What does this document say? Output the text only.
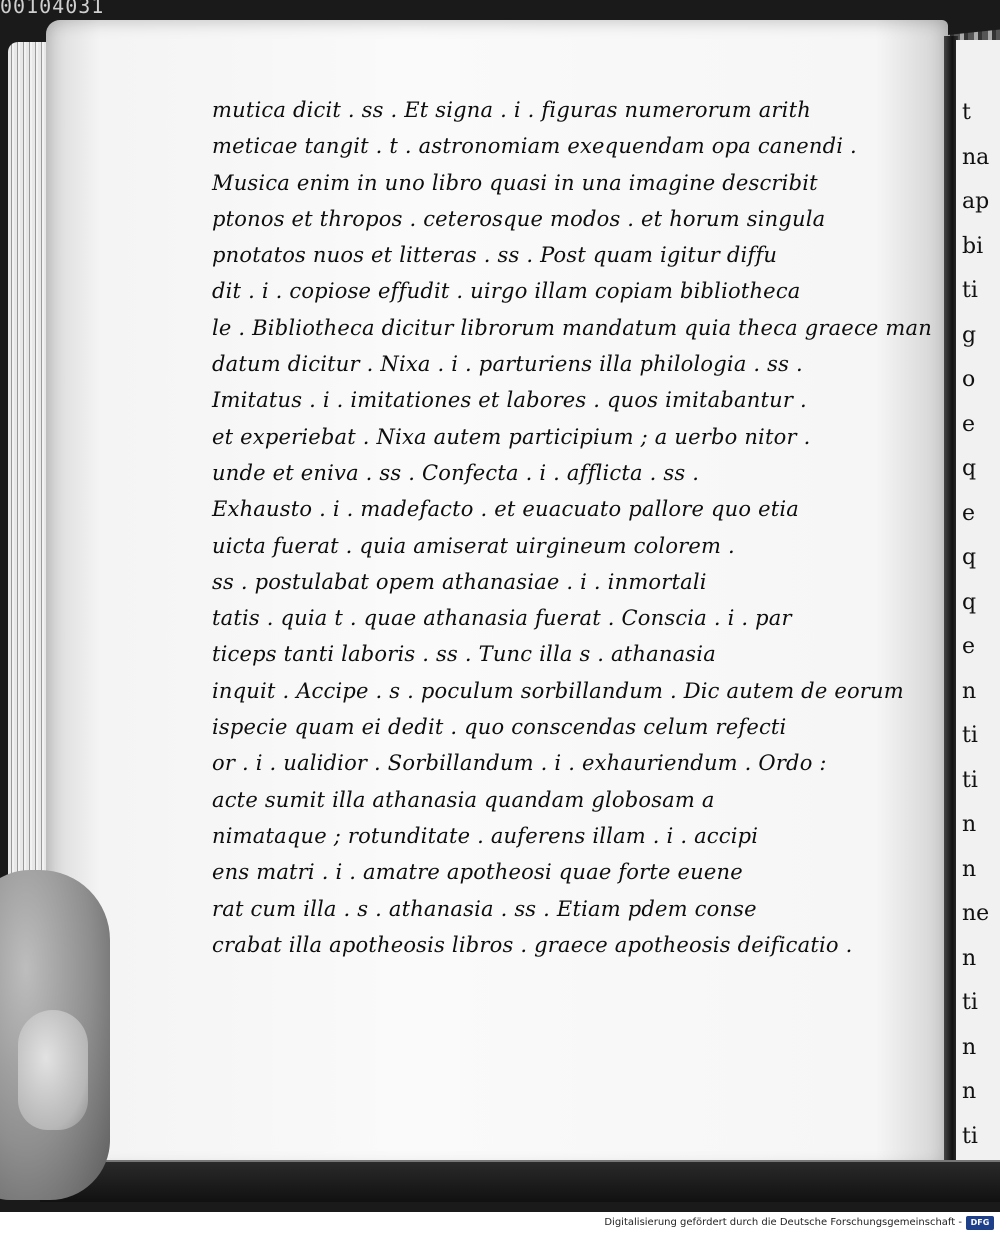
00104031
t
na
ap
bi
ti
g
o
e
q
e
q
q
e
n
ti
ti
n
n
ne
n
ti
n
n
ti
mutica dicit . ss . Et signa . i . figuras numerorum arith
meticae tangit . t . astronomiam exequendam opa canendi .
Musica enim in uno libro quasi in una imagine describit
ptonos et thropos . ceterosque modos . et horum singula
pnotatos nuos et litteras . ss . Post quam igitur diffu
dit . i . copiose effudit . uirgo illam copiam bibliotheca
le . Bibliotheca dicitur librorum mandatum quia theca graece man
datum dicitur . Nixa . i . parturiens illa philologia . ss .
Imitatus . i . imitationes et labores . quos imitabantur .
et experiebat . Nixa autem participium ; a uerbo nitor .
unde et eniva . ss . Confecta . i . afflicta . ss .
Exhausto . i . madefacto . et euacuato pallore quo etia
uicta fuerat . quia amiserat uirgineum colorem .
ss . postulabat opem athanasiae . i . inmortali
tatis . quia t . quae athanasia fuerat . Conscia . i . par
ticeps tanti laboris . ss . Tunc illa s . athanasia
inquit . Accipe . s . poculum sorbillandum . Dic autem de eorum
ispecie quam ei dedit . quo conscendas celum refecti
or . i . ualidior . Sorbillandum . i . exhauriendum . Ordo :
acte sumit illa athanasia quandam globosam a
nimataque ; rotunditate . auferens illam . i . accipi
ens matri . i . amatre apotheosi quae forte euene
rat cum illa . s . athanasia . ss . Etiam pdem conse
crabat illa apotheosis libros . graece apotheosis deificatio .
Digitalisierung gefördert durch die Deutsche Forschungsgemeinschaft -	DFG
